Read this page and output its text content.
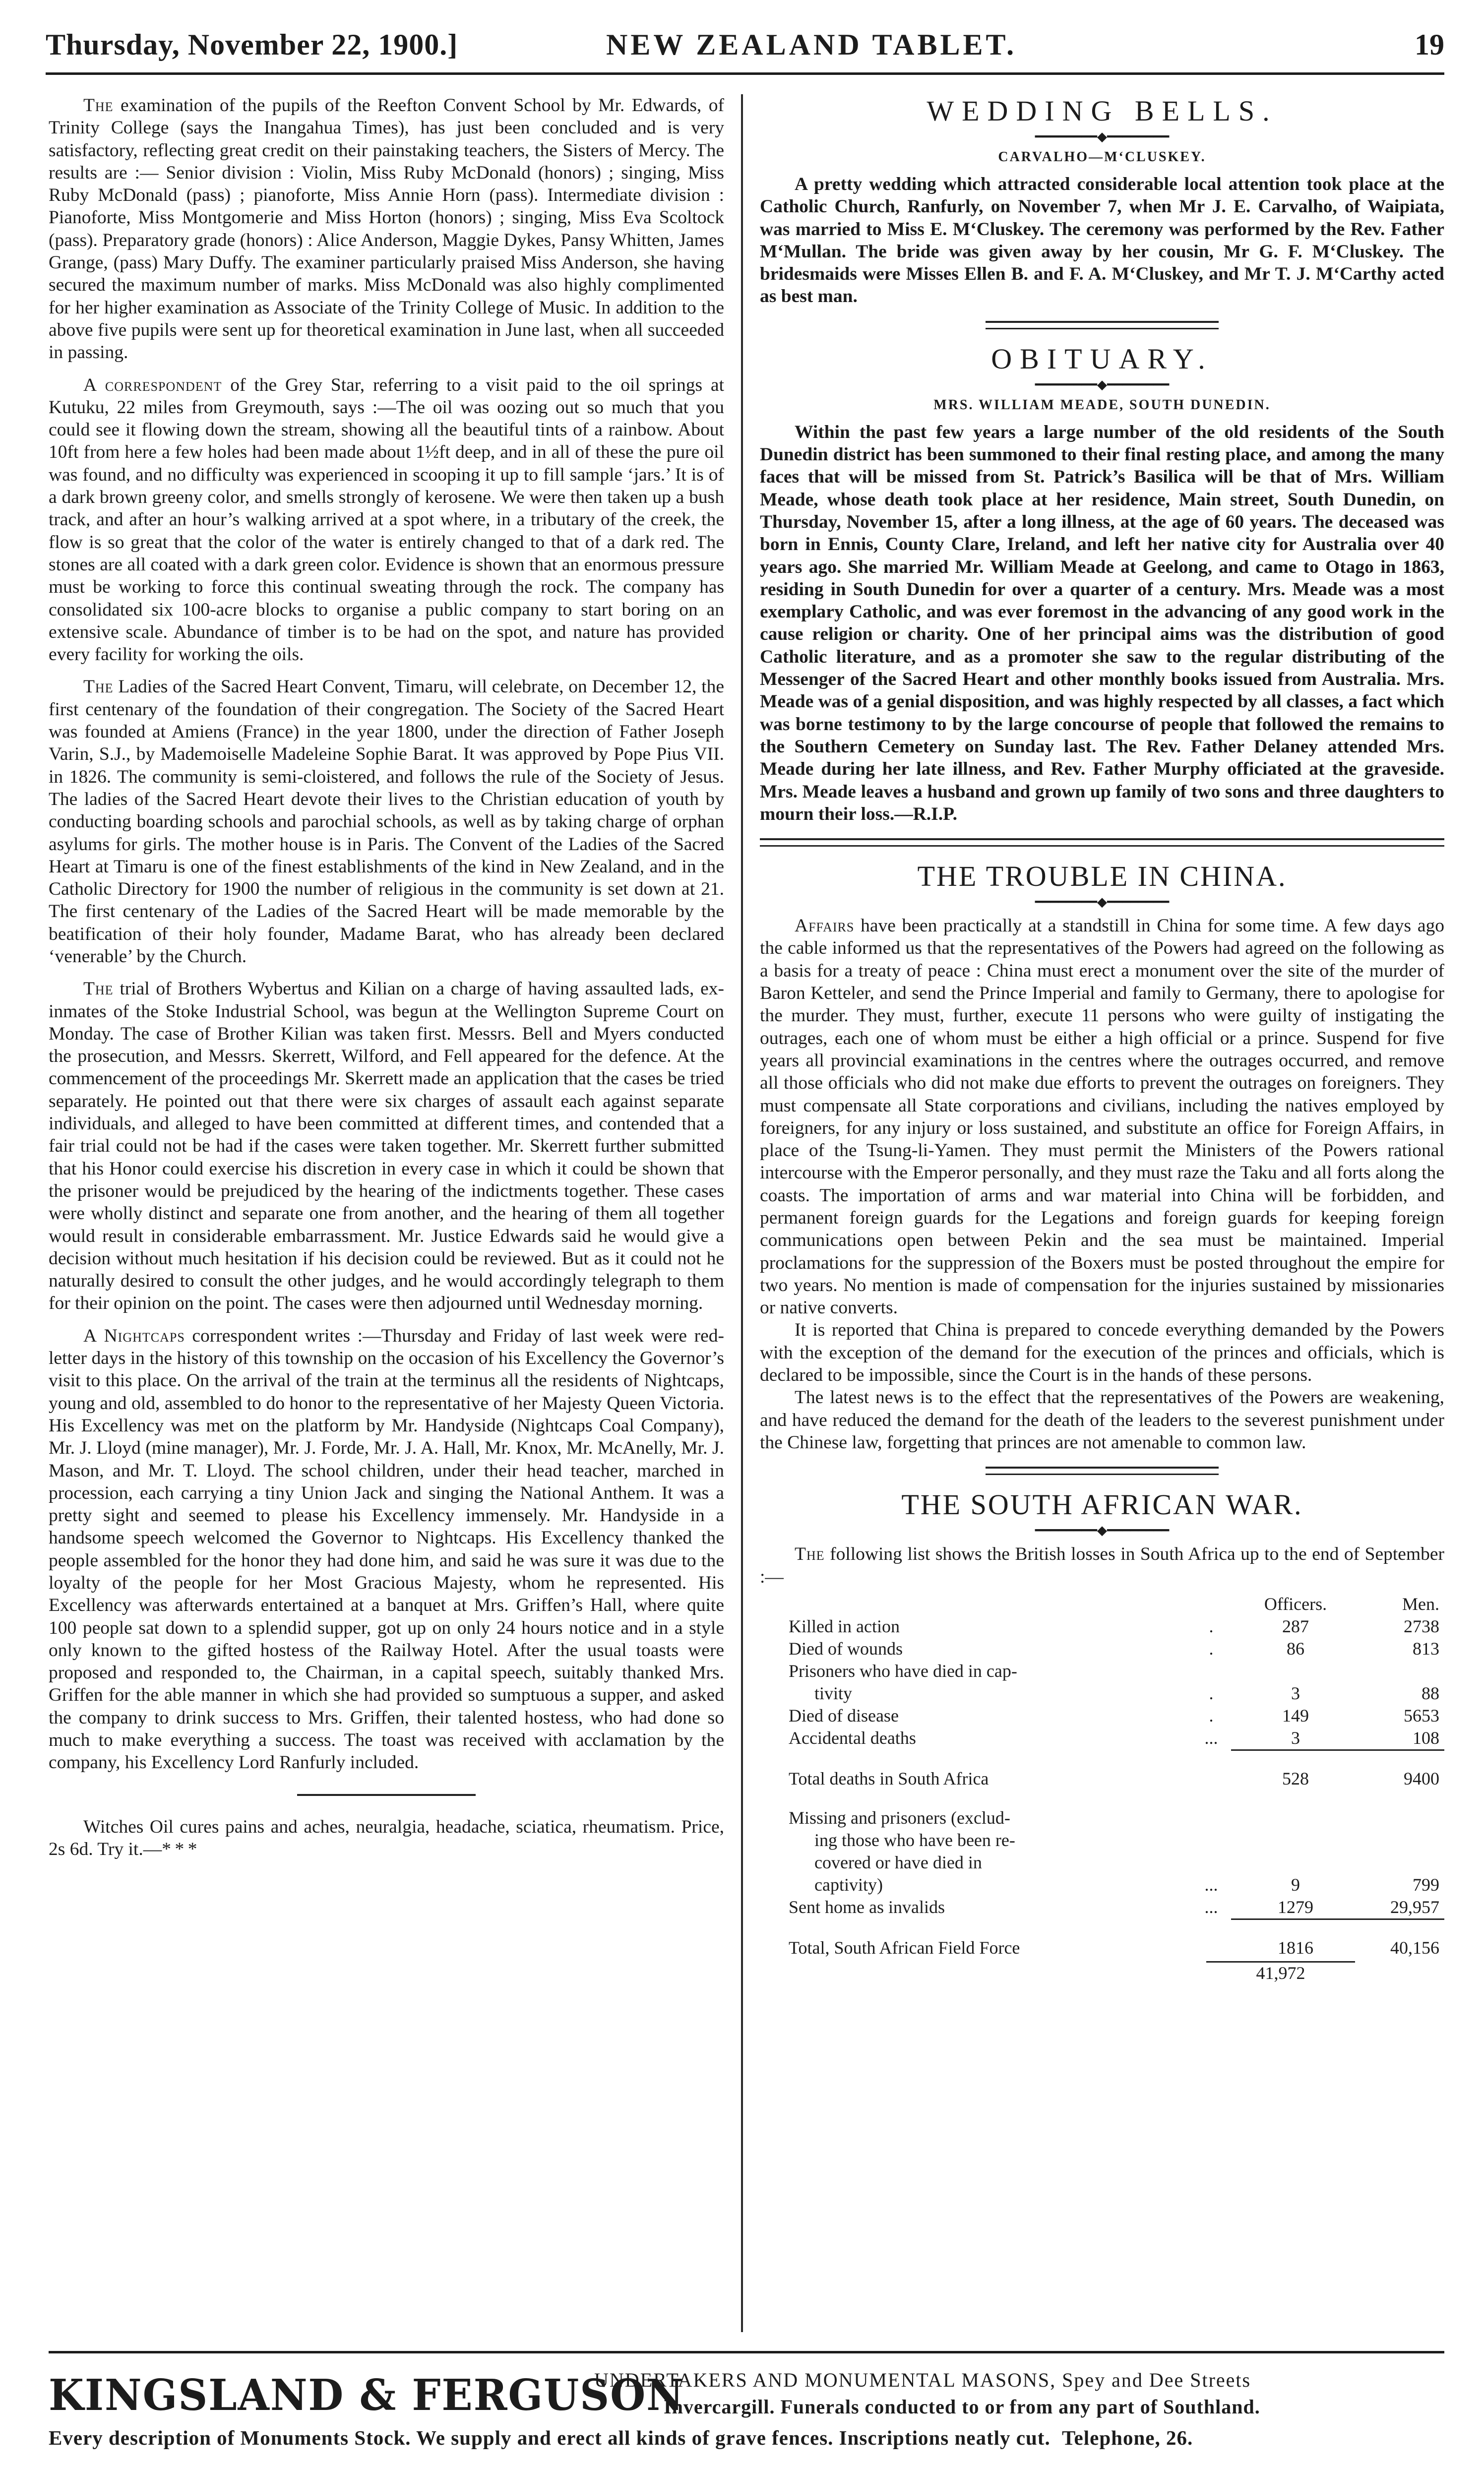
Thursday, November 22, 1900.]	NEW ZEALAND TABLET.	19

The examination of the pupils of the Reefton Convent School by Mr. Edwards, of Trinity College (says the Inangahua Times), has just been concluded and is very satisfactory, reflecting great credit on their painstaking teachers, the Sisters of Mercy. The results are :— Senior division : Violin, Miss Ruby McDonald (honors) ; singing, Miss Ruby McDonald (pass) ; pianoforte, Miss Annie Horn (pass). Intermediate division : Pianoforte, Miss Montgomerie and Miss Horton (honors) ; singing, Miss Eva Scoltock (pass). Preparatory grade (honors) : Alice Anderson, Maggie Dykes, Pansy Whitten, James Grange, (pass) Mary Duffy. The examiner particularly praised Miss Anderson, she having secured the maximum number of marks. Miss McDonald was also highly complimented for her higher examination as Associate of the Trinity College of Music. In addition to the above five pupils were sent up for theoretical examination in June last, when all succeeded in passing.

A correspondent of the Grey Star, referring to a visit paid to the oil springs at Kutuku, 22 miles from Greymouth, says :—The oil was oozing out so much that you could see it flowing down the stream, showing all the beautiful tints of a rainbow. About 10ft from here a few holes had been made about 1½ft deep, and in all of these the pure oil was found, and no difficulty was experienced in scooping it up to fill sample ‘jars.’ It is of a dark brown greeny color, and smells strongly of kerosene. We were then taken up a bush track, and after an hour’s walking arrived at a spot where, in a tributary of the creek, the flow is so great that the color of the water is entirely changed to that of a dark red. The stones are all coated with a dark green color. Evidence is shown that an enormous pressure must be working to force this continual sweating through the rock. The company has consolidated six 100-acre blocks to organise a public company to start boring on an extensive scale. Abundance of timber is to be had on the spot, and nature has provided every facility for working the oils.

The Ladies of the Sacred Heart Convent, Timaru, will celebrate, on December 12, the first centenary of the foundation of their congregation. The Society of the Sacred Heart was founded at Amiens (France) in the year 1800, under the direction of Father Joseph Varin, S.J., by Mademoiselle Madeleine Sophie Barat. It was approved by Pope Pius VII. in 1826. The community is semi-cloistered, and follows the rule of the Society of Jesus. The ladies of the Sacred Heart devote their lives to the Christian education of youth by conducting boarding schools and parochial schools, as well as by taking charge of orphan asylums for girls. The mother house is in Paris. The Convent of the Ladies of the Sacred Heart at Timaru is one of the finest establishments of the kind in New Zealand, and in the Catholic Directory for 1900 the number of religious in the community is set down at 21. The first centenary of the Ladies of the Sacred Heart will be made memorable by the beatification of their holy founder, Madame Barat, who has already been declared ‘venerable’ by the Church.

The trial of Brothers Wybertus and Kilian on a charge of having assaulted lads, ex-inmates of the Stoke Industrial School, was begun at the Wellington Supreme Court on Monday. The case of Brother Kilian was taken first. Messrs. Bell and Myers conducted the prosecution, and Messrs. Skerrett, Wilford, and Fell appeared for the defence. At the commencement of the proceedings Mr. Skerrett made an application that the cases be tried separately. He pointed out that there were six charges of assault each against separate individuals, and alleged to have been committed at different times, and contended that a fair trial could not be had if the cases were taken together. Mr. Skerrett further submitted that his Honor could exercise his discretion in every case in which it could be shown that the prisoner would be prejudiced by the hearing of the indictments together. These cases were wholly distinct and separate one from another, and the hearing of them all together would result in considerable embarrassment. Mr. Justice Edwards said he would give a decision without much hesitation if his decision could be reviewed. But as it could not he naturally desired to consult the other judges, and he would accordingly telegraph to them for their opinion on the point. The cases were then adjourned until Wednesday morning.

A Nightcaps correspondent writes :—Thursday and Friday of last week were red-letter days in the history of this township on the occasion of his Excellency the Governor’s visit to this place. On the arrival of the train at the terminus all the residents of Nightcaps, young and old, assembled to do honor to the representative of her Majesty Queen Victoria. His Excellency was met on the platform by Mr. Handyside (Nightcaps Coal Company), Mr. J. Lloyd (mine manager), Mr. J. Forde, Mr. J. A. Hall, Mr. Knox, Mr. McAnelly, Mr. J. Mason, and Mr. T. Lloyd. The school children, under their head teacher, marched in procession, each carrying a tiny Union Jack and singing the National Anthem. It was a pretty sight and seemed to please his Excellency immensely. Mr. Handyside in a handsome speech welcomed the Governor to Nightcaps. His Excellency thanked the people assembled for the honor they had done him, and said he was sure it was due to the loyalty of the people for her Most Gracious Majesty, whom he represented. His Excellency was afterwards entertained at a banquet at Mrs. Griffen’s Hall, where quite 100 people sat down to a splendid supper, got up on only 24 hours notice and in a style only known to the gifted hostess of the Railway Hotel. After the usual toasts were proposed and responded to, the Chairman, in a capital speech, suitably thanked Mrs. Griffen for the able manner in which she had provided so sumptuous a supper, and asked the company to drink success to Mrs. Griffen, their talented hostess, who had done so much to make everything a success. The toast was received with acclamation by the company, his Excellency Lord Ranfurly included.

Witches Oil cures pains and aches, neuralgia, headache, sciatica, rheumatism. Price, 2s 6d. Try it.—* * *

WEDDING BELLS.
━━━━━━━━◆━━━━━━━━
CARVALHO—M‘CLUSKEY.

A pretty wedding which attracted considerable local attention took place at the Catholic Church, Ranfurly, on November 7, when Mr J. E. Carvalho, of Waipiata, was married to Miss E. M‘Cluskey. The ceremony was performed by the Rev. Father M‘Mullan. The bride was given away by her cousin, Mr G. F. M‘Cluskey. The bridesmaids were Misses Ellen B. and F. A. M‘Cluskey, and Mr T. J. M‘Carthy acted as best man.

OBITUARY.
━━━━━━━━◆━━━━━━━━
MRS. WILLIAM MEADE, SOUTH DUNEDIN.

Within the past few years a large number of the old residents of the South Dunedin district has been summoned to their final resting place, and among the many faces that will be missed from St. Patrick’s Basilica will be that of Mrs. William Meade, whose death took place at her residence, Main street, South Dunedin, on Thursday, November 15, after a long illness, at the age of 60 years. The deceased was born in Ennis, County Clare, Ireland, and left her native city for Australia over 40 years ago. She married Mr. William Meade at Geelong, and came to Otago in 1863, residing in South Dunedin for over a quarter of a century. Mrs. Meade was a most exemplary Catholic, and was ever foremost in the advancing of any good work in the cause religion or charity. One of her principal aims was the distribution of good Catholic literature, and as a promoter she saw to the regular distributing of the Messenger of the Sacred Heart and other monthly books issued from Australia. Mrs. Meade was of a genial disposition, and was highly respected by all classes, a fact which was borne testimony to by the large concourse of people that followed the remains to the Southern Cemetery on Sunday last. The Rev. Father Delaney attended Mrs. Meade during her late illness, and Rev. Father Murphy officiated at the graveside. Mrs. Meade leaves a husband and grown up family of two sons and three daughters to mourn their loss.—R.I.P.

THE TROUBLE IN CHINA.
━━━━━━━━◆━━━━━━━━

Affairs have been practically at a standstill in China for some time. A few days ago the cable informed us that the representatives of the Powers had agreed on the following as a basis for a treaty of peace : China must erect a monument over the site of the murder of Baron Ketteler, and send the Prince Imperial and family to Germany, there to apologise for the murder. They must, further, execute 11 persons who were guilty of instigating the outrages, each one of whom must be either a high official or a prince. Suspend for five years all provincial examinations in the centres where the outrages occurred, and remove all those officials who did not make due efforts to prevent the outrages on foreigners. They must compensate all State corporations and civilians, including the natives employed by foreigners, for any injury or loss sustained, and substitute an office for Foreign Affairs, in place of the Tsung-li-Yamen. They must permit the Ministers of the Powers rational intercourse with the Emperor personally, and they must raze the Taku and all forts along the coasts. The importation of arms and war material into China will be forbidden, and permanent foreign guards for the Legations and foreign guards for keeping foreign communications open between Pekin and the sea must be maintained. Imperial proclamations for the suppression of the Boxers must be posted throughout the empire for two years. No mention is made of compensation for the injuries sustained by missionaries or native converts.

It is reported that China is prepared to concede everything demanded by the Powers with the exception of the demand for the execution of the princes and officials, which is declared to be impossible, since the Court is in the hands of these persons.

The latest news is to the effect that the representatives of the Powers are weakening, and have reduced the demand for the death of the leaders to the severest punishment under the Chinese law, forgetting that princes are not amenable to common law.

THE SOUTH AFRICAN WAR.
━━━━━━━━◆━━━━━━━━

The following list shows the British losses in South Africa up to the end of September :—

		Officers.	Men.
Killed in action	.	287	2738
Died of wounds	.	86	813
Prisoners who have died in cap-			
tivity	.	3	88
Died of disease	.	149	5653
Accidental deaths	...	3	108

Total deaths in South Africa		528	9400

Missing and prisoners (exclud-			
ing those who have been re-			
covered or have died in			
captivity)	...	9	799
Sent home as invalids	...	1279	29,957

Total, South African Field Force		1816	40,156
41,972
KINGSLAND & FERGUSON
UNDERTAKERS AND MONUMENTAL MASONS, Spey and Dee Streets
Invercargill. Funerals conducted to or from any part of Southland.
Every description of Monuments Stock. We supply and erect all kinds of grave fences. Inscriptions neatly cut. Telephone, 26.
